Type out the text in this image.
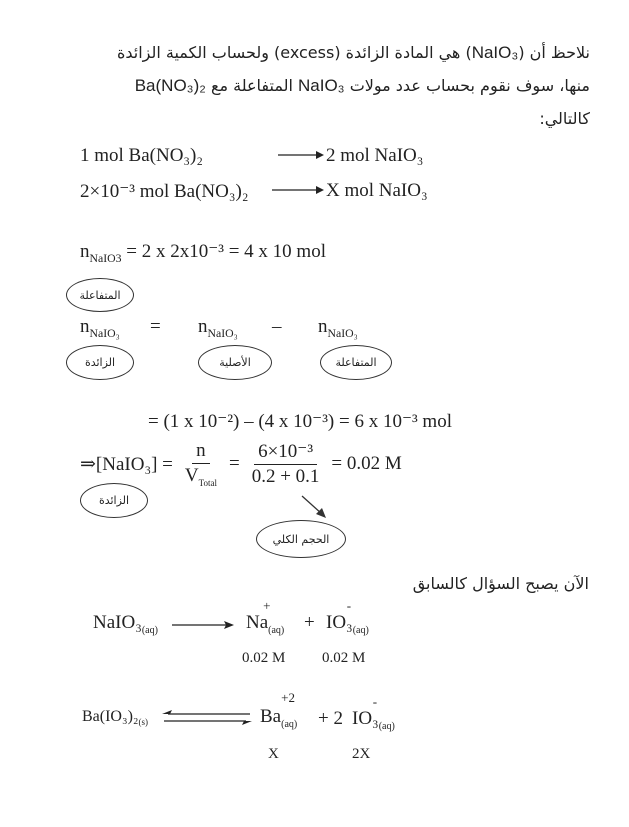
نلاحظ أن (NaIO₃) هي المادة الزائدة (excess) ولحساب الكمية الزائدة
منها، سوف نقوم بحساب عدد مولات NaIO₃ المتفاعلة مع Ba(NO₃)₂
كالتالي:
1 mol Ba(NO₃)₂	2 mol NaIO₃
2×10⁻³ mol Ba(NO₃)₂	X mol NaIO₃
$n_{NaIO3} = 2$ x 2x10⁻³ = 4 x 10 mol
المتفاعلة
$n_{NaIO_3} = n_{NaIO_3} - n_{NaIO_3}$
الزائدة	الأصلية	المتفاعلة
= (1 x 10⁻²) – (4 x 10⁻³) = 6 x 10⁻³ mol
⇒[NaIO₃] = $\frac{n}{V_{Total}} = \frac{\text{6×10⁻³}}{0.2 + 0.1} = 0.02$ M
الزائدة
الحجم الكلي
الآن يصبح السؤال كالسابق
$NaIO_3_{(aq)} \to Na$
+
$_{(aq)}$ + IO₃
-
$_{(aq)}$
0.02 M 0.02 M
$Ba(IO_3)_2_{(s)}$	Ba
+2
$_{(aq)}$ + 2 IO₃
-
$_{(aq)}$
X	2X
